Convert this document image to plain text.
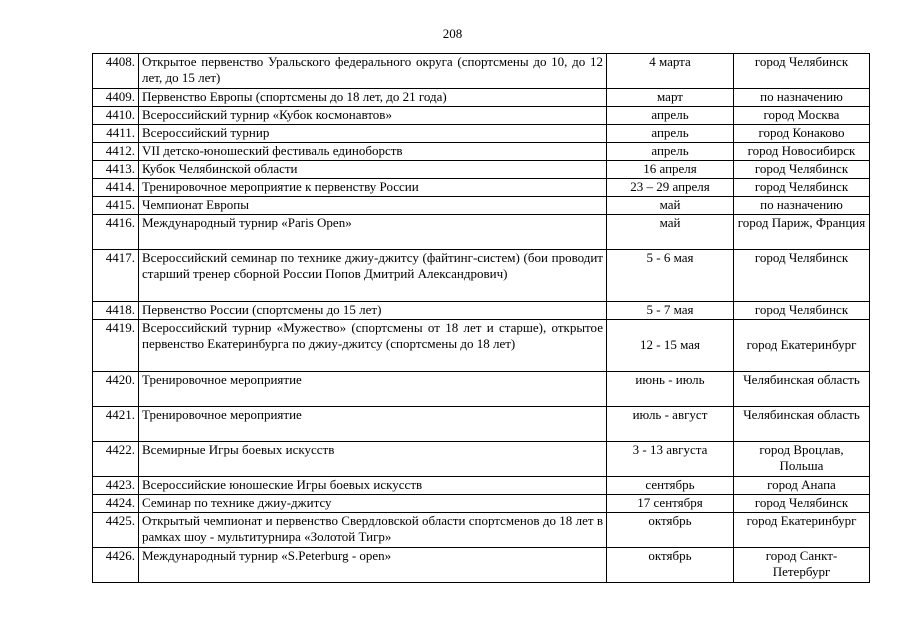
208
4408.	Открытое первенство Уральского федерального округа (спортсмены до 10, до 12 лет, до 15 лет)	4 марта	город Челябинск
4409.	Первенство Европы (спортсмены до 18 лет, до 21 года)	март	по назначению
4410.	Всероссийский турнир «Кубок космонавтов»	апрель	город Москва
4411.	Всероссийский турнир	апрель	город Конаково
4412.	VII детско-юношеский фестиваль единоборств	апрель	город Новосибирск
4413.	Кубок Челябинской области	16 апреля	город Челябинск
4414.	Тренировочное мероприятие к первенству России	23 – 29 апреля	город Челябинск
4415.	Чемпионат Европы	май	по назначению
4416.	Международный турнир «Paris Open»	май	город Париж, Франция
4417.	Всероссийский семинар по технике джиу-джитсу (файтинг-систем) (бои проводит старший тренер сборной России Попов Дмитрий Александрович)	5 - 6 мая	город Челябинск
4418.	Первенство России (спортсмены до 15 лет)	5 - 7 мая	город Челябинск
4419.	Всероссийский турнир «Мужество» (спортсмены от 18 лет и старше), открытое первенство Екатеринбурга по джиу-джитсу (спортсмены до 18 лет)	12 - 15 мая	город Екатеринбург
4420.	Тренировочное мероприятие	июнь - июль	Челябинская область
4421.	Тренировочное мероприятие	июль - август	Челябинская область
4422.	Всемирные Игры боевых искусств	3 - 13 августа	город Вроцлав, Польша
4423.	Всероссийские юношеские Игры боевых искусств	сентябрь	город Анапа
4424.	Семинар по технике джиу-джитсу	17 сентября	город Челябинск
4425.	Открытый чемпионат и первенство Свердловской области спортсменов до 18 лет в рамках шоу - мультитурнира «Золотой Тигр»	октябрь	город Екатеринбург
4426.	Международный турнир «S.Peterburg - open»	октябрь	город Санкт-Петербург
